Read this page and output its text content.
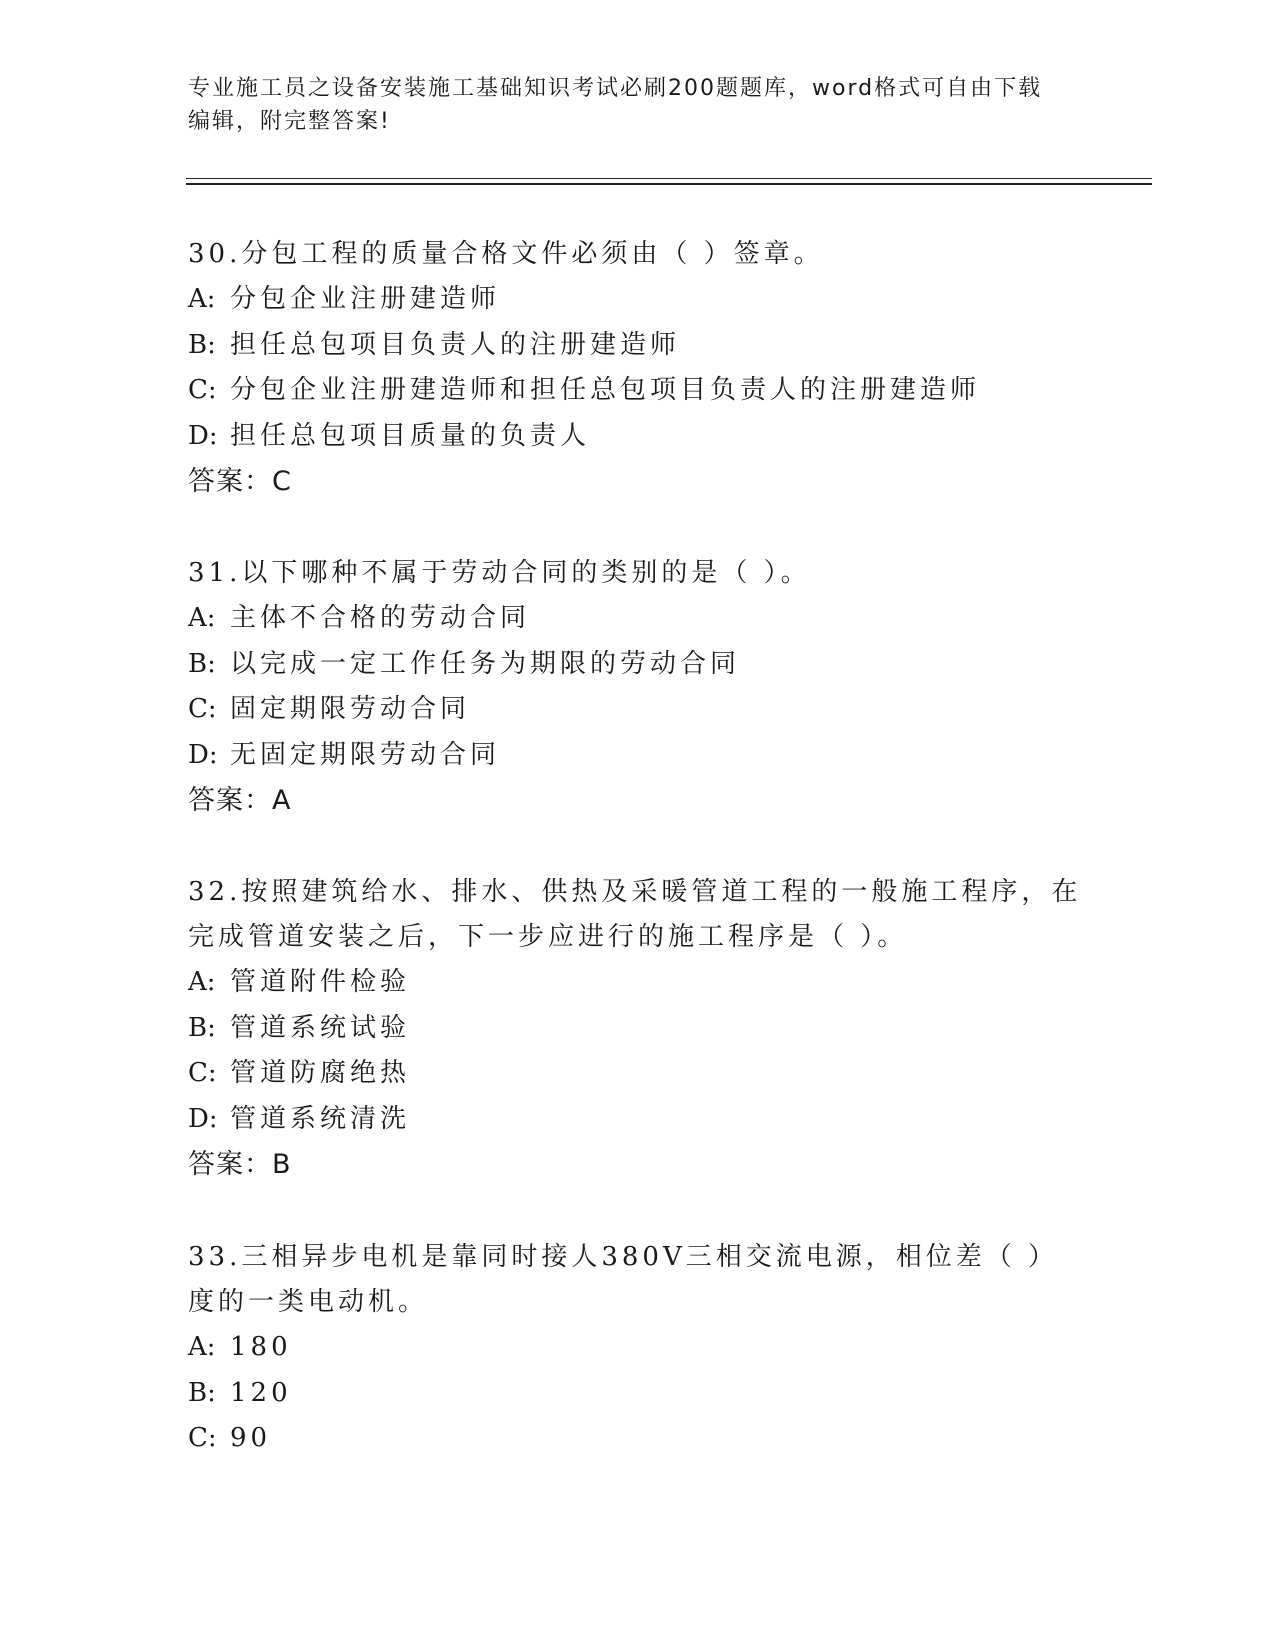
专业施工员之设备安装施工基础知识考试必刷200题题库，word格式可自由下载
编辑，附完整答案!

30.分包工程的质量合格文件必须由（ ）签章。

A: 分包企业注册建造师

B: 担任总包项目负责人的注册建造师

C: 分包企业注册建造师和担任总包项目负责人的注册建造师

D: 担任总包项目质量的负责人

答案：C

31.以下哪种不属于劳动合同的类别的是（ ）。

A: 主体不合格的劳动合同

B: 以完成一定工作任务为期限的劳动合同

C: 固定期限劳动合同

D: 无固定期限劳动合同

答案：A

32.按照建筑给水、排水、供热及采暖管道工程的一般施工程序，在完成管道安装之后，下一步应进行的施工程序是（ ）。

A: 管道附件检验

B: 管道系统试验

C: 管道防腐绝热

D: 管道系统清洗

答案：B

33.三相异步电机是靠同时接人380V三相交流电源，相位差（ ）度的一类电动机。

A: 180

B: 120

C: 90
